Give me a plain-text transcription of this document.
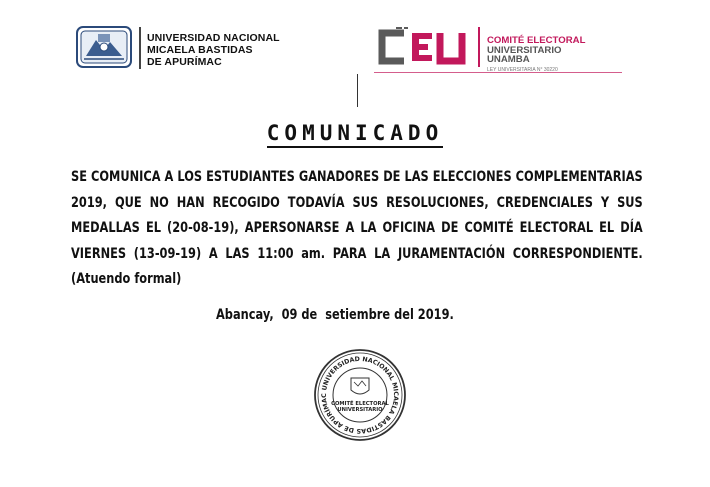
UNIVERSIDAD NACIONAL
MICAELA BASTIDAS
DE APURÍMAC
COMITÉ ELECTORAL
UNIVERSITARIO
UNAMBA
LEY UNIVERSITARIA N° 30220
COMUNICADO
SE COMUNICA A LOS ESTUDIANTES GANADORES DE LAS ELECCIONES COMPLEMENTARIAS 2019, QUE NO HAN RECOGIDO TODAVÍA SUS RESOLUCIONES, CREDENCIALES Y SUS MEDALLAS EL (20-08-19), APERSONARSE A LA OFICINA DE COMITÉ ELECTORAL EL DÍA VIERNES (13-09-19) A LAS 11:00 am. PARA LA JURAMENTACIÓN CORRESPONDIENTE. (Atuendo formal)
Abancay,  09 de  setiembre del 2019.
UNIVERSIDAD NACIONAL MICAELA BASTIDAS DE APURÍMAC
COMITÉ ELECTORAL
UNIVERSITARIO
